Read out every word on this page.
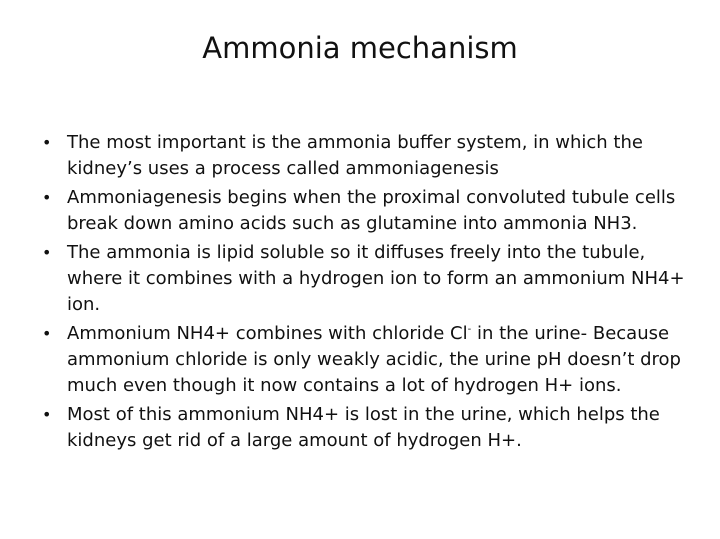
Ammonia mechanism
• The most important is the ammonia buffer system, in which the kidney’s uses a process called ammoniagenesis
• Ammoniagenesis begins when the proximal convoluted tubule cells break down amino acids such as glutamine into ammonia NH3.
• The ammonia is lipid soluble so it diffuses freely into the tubule, where it combines with a hydrogen ion to form an ammonium NH4+ ion.
• Ammonium NH4+ combines with chloride Cl- in the urine- Because ammonium chloride is only weakly acidic, the urine pH doesn’t drop much even though it now contains a lot of hydrogen H+ ions.
• Most of this ammonium NH4+ is lost in the urine, which helps the kidneys get rid of a large amount of hydrogen H+.
